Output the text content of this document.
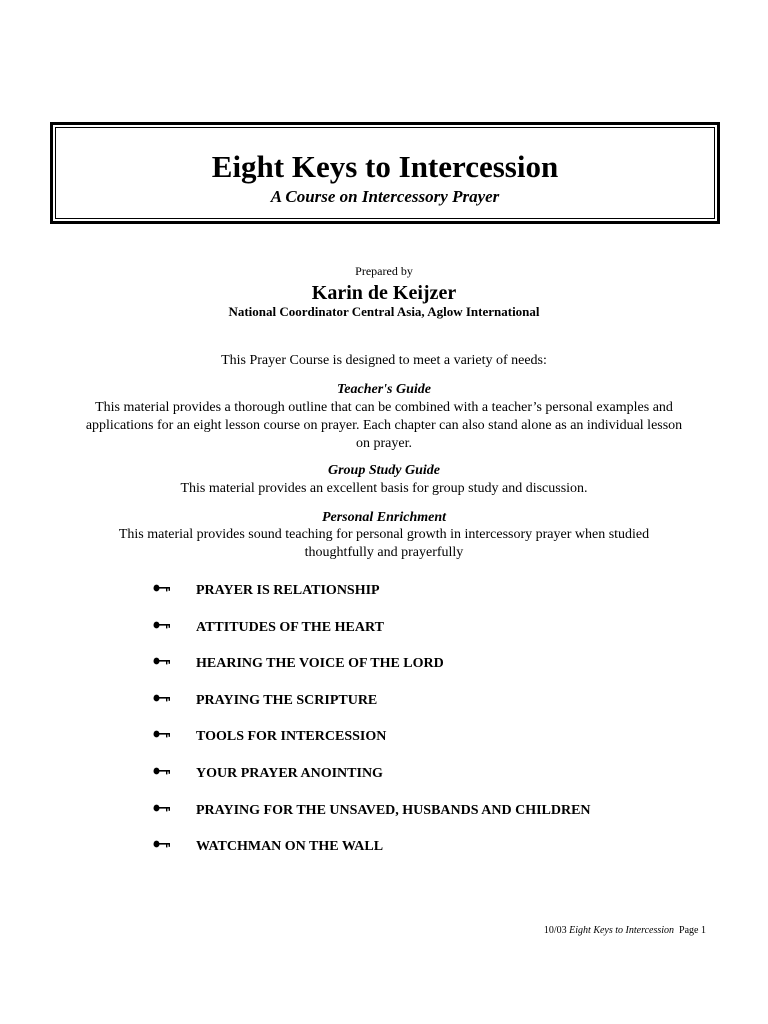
Eight Keys to Intercession

A Course on Intercessory Prayer

Prepared by
Karin de Keijzer
National Coordinator Central Asia, Aglow International
This Prayer Course is designed to meet a variety of needs:
Teacher's Guide
This material provides a thorough outline that can be combined with a teacher’s personal examples and applications for an eight lesson course on prayer. Each chapter can also stand alone as an individual lesson on prayer.
Group Study Guide
This material provides an excellent basis for group study and discussion.
Personal Enrichment
This material provides sound teaching for personal growth in intercessory prayer when studied thoughtfully and prayerfully
PRAYER IS RELATIONSHIP
ATTITUDES OF THE HEART
HEARING THE VOICE OF THE LORD
PRAYING THE SCRIPTURE
TOOLS FOR INTERCESSION
YOUR PRAYER ANOINTING
PRAYING FOR THE UNSAVED, HUSBANDS AND CHILDREN
WATCHMAN ON THE WALL
10/03 Eight Keys to Intercession Page 1
